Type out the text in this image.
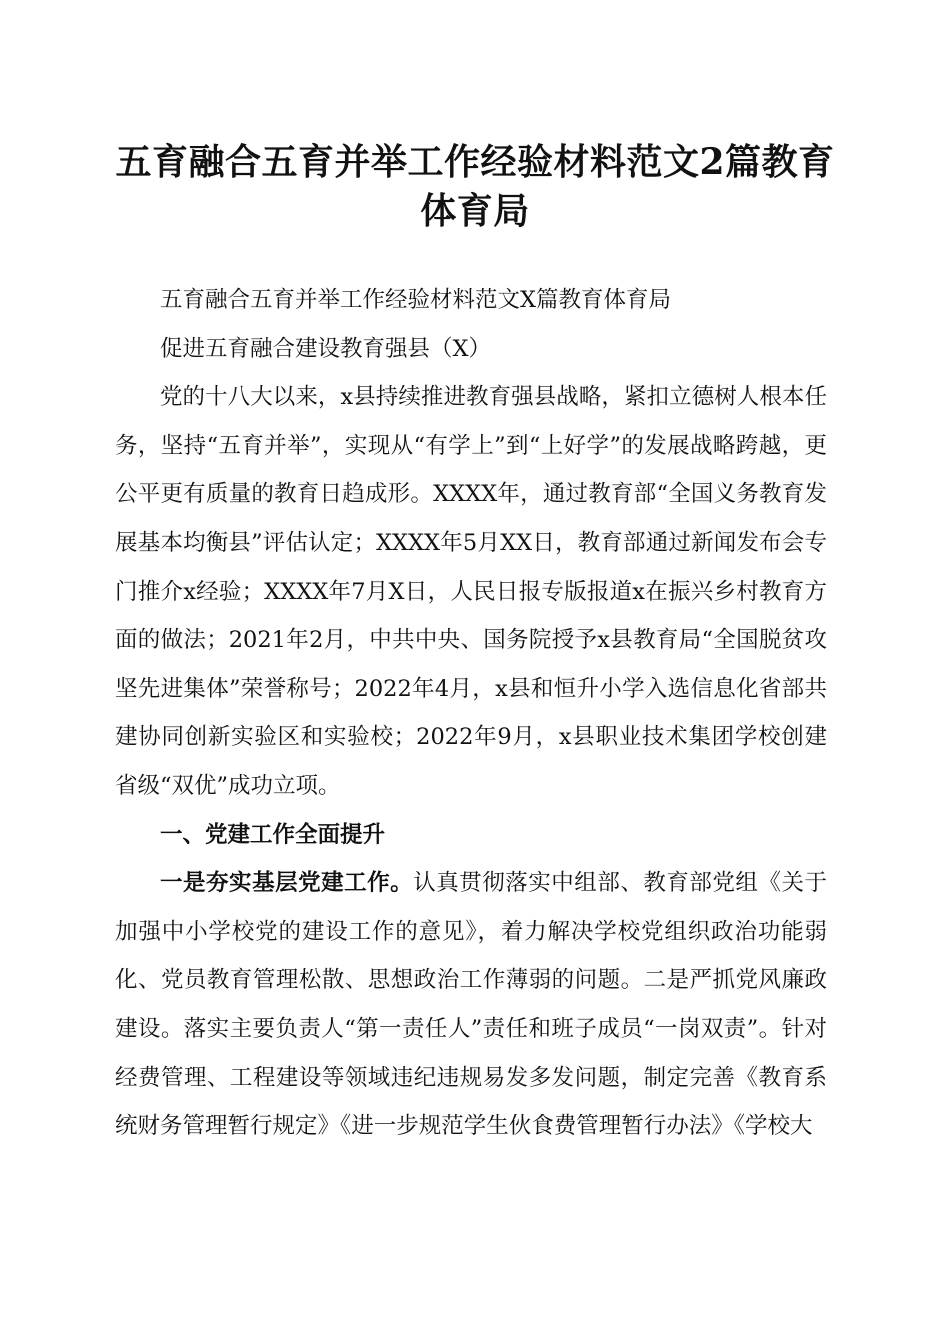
五育融合五育并举工作经验材料范文2篇教育
体育局

五育融合五育并举工作经验材料范文X篇教育体育局

促进五育融合建设教育强县（X）

党的十八大以来，x县持续推进教育强县战略，紧扣立德树人根本任务，坚持“五育并举”，实现从“有学上”到“上好学”的发展战略跨越，更公平更有质量的教育日趋成形。XXXX年，通过教育部“全国义务教育发展基本均衡县”评估认定；XXXX年5月XX日，教育部通过新闻发布会专门推介x经验；XXXX年7月X日，人民日报专版报道x在振兴乡村教育方面的做法；2021年2月，中共中央、国务院授予x县教育局“全国脱贫攻坚先进集体”荣誉称号；2022年4月，x县和恒升小学入选信息化省部共建协同创新实验区和实验校；2022年9月，x县职业技术集团学校创建省级“双优”成功立项。

一、党建工作全面提升

一是夯实基层党建工作。认真贯彻落实中组部、教育部党组《关于加强中小学校党的建设工作的意见》，着力解决学校党组织政治功能弱化、党员教育管理松散、思想政治工作薄弱的问题。二是严抓党风廉政建设。落实主要负责人“第一责任人”责任和班子成员“一岗双责”。针对经费管理、工程建设等领域违纪违规易发多发问题，制定完善《教育系统财务管理暂行规定》《进一步规范学生伙食费管理暂行办法》《学校大
